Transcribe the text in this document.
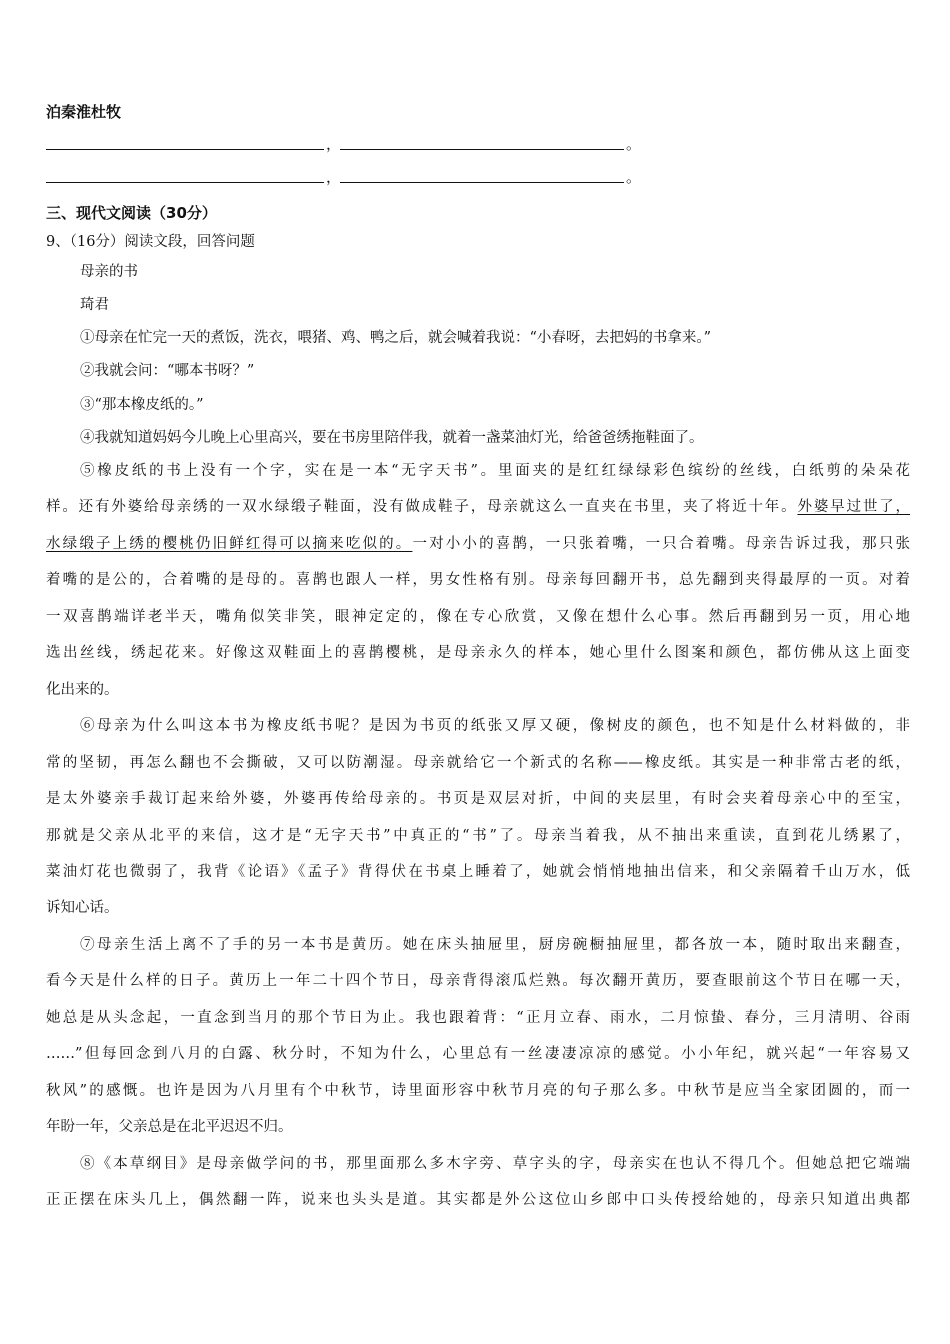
泊秦淮杜牧

，	。
，	。

三、现代文阅读（30分）

9、（16分）阅读文段，回答问题

母亲的书

琦君

①母亲在忙完一天的煮饭，洗衣，喂猪、鸡、鸭之后，就会喊着我说：“小春呀，去把妈的书拿来。”

②我就会问：“哪本书呀？”

③“那本橡皮纸的。”

④我就知道妈妈今儿晚上心里高兴，要在书房里陪伴我，就着一盏菜油灯光，给爸爸绣拖鞋面了。

⑤橡皮纸的书上没有一个字，实在是一本“无字天书”。里面夹的是红红绿绿彩色缤纷的丝线，白纸剪的朵朵花

样。还有外婆给母亲绣的一双水绿缎子鞋面，没有做成鞋子，母亲就这么一直夹在书里，夹了将近十年。外婆早过世了，

水绿缎子上绣的樱桃仍旧鲜红得可以摘来吃似的。一对小小的喜鹊，一只张着嘴，一只合着嘴。母亲告诉过我，那只张

着嘴的是公的，合着嘴的是母的。喜鹊也跟人一样，男女性格有别。母亲每回翻开书，总先翻到夹得最厚的一页。对着

一双喜鹊端详老半天，嘴角似笑非笑，眼神定定的，像在专心欣赏，又像在想什么心事。然后再翻到另一页，用心地

选出丝线，绣起花来。好像这双鞋面上的喜鹊樱桃，是母亲永久的样本，她心里什么图案和颜色，都仿佛从这上面变

化出来的。

⑥母亲为什么叫这本书为橡皮纸书呢？是因为书页的纸张又厚又硬，像树皮的颜色，也不知是什么材料做的，非

常的坚韧，再怎么翻也不会撕破，又可以防潮湿。母亲就给它一个新式的名称——橡皮纸。其实是一种非常古老的纸，

是太外婆亲手裁订起来给外婆，外婆再传给母亲的。书页是双层对折，中间的夹层里，有时会夹着母亲心中的至宝，

那就是父亲从北平的来信，这才是“无字天书”中真正的“书”了。母亲当着我，从不抽出来重读，直到花儿绣累了，

菜油灯花也微弱了，我背《论语》《孟子》背得伏在书桌上睡着了，她就会悄悄地抽出信来，和父亲隔着千山万水，低

诉知心话。

⑦母亲生活上离不了手的另一本书是黄历。她在床头抽屉里，厨房碗橱抽屉里，都各放一本，随时取出来翻查，

看今天是什么样的日子。黄历上一年二十四个节日，母亲背得滚瓜烂熟。每次翻开黄历，要查眼前这个节日在哪一天，

她总是从头念起，一直念到当月的那个节日为止。我也跟着背：“正月立春、雨水，二月惊蛰、春分，三月清明、谷雨

……”但每回念到八月的白露、秋分时，不知为什么，心里总有一丝凄凄凉凉的感觉。小小年纪，就兴起“一年容易又

秋风”的感慨。也许是因为八月里有个中秋节，诗里面形容中秋节月亮的句子那么多。中秋节是应当全家团圆的，而一

年盼一年，父亲总是在北平迟迟不归。

⑧《本草纲目》是母亲做学问的书，那里面那么多木字旁、草字头的字，母亲实在也认不得几个。但她总把它端端

正正摆在床头几上，偶然翻一阵，说来也头头是道。其实都是外公这位山乡郎中口头传授给她的，母亲只知道出典都
